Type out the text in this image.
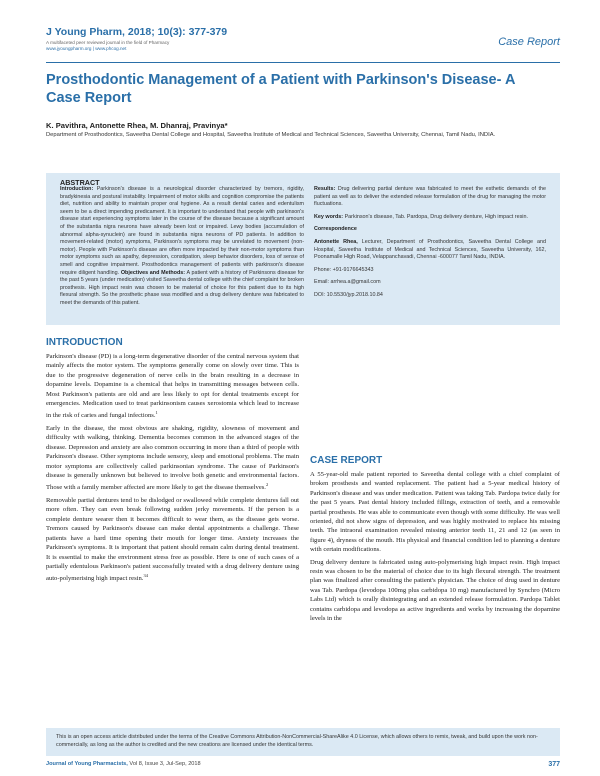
J Young Pharm, 2018; 10(3): 377-379
A multifaceted peer reviewed journal in the field of Pharmacy
www.jyoungpharm.org | www.phcog.net
Case Report
Prosthodontic Management of a Patient with Parkinson's Disease- A Case Report
K. Pavithra, Antonette Rhea, M. Dhanraj, Pravinya*
Department of Prosthodontics, Saveetha Dental College and Hospital, Saveetha Institute of Medical and Technical Sciences, Saveetha University, Chennai, Tamil Nadu, INDIA.
ABSTRACT
Introduction: Parkinson's disease is a neurological disorder characterized by tremors, rigidity, bradykinesia and postural instability. Impairment of motor skills and cognition compromise the patients diet, nutrition and ability to maintain proper oral hygiene. As a result dental caries and edentulism seem to be a direct impending predicament. It is important to understand that people with parkinson's disease start experiencing symptoms later in the course of the disease because a significant amount of the substantia nigra neurons have already been lost or impaired. Lewy bodies (accumulation of abnormal alpha-synuclein) are found in substantia nigra neurons of PD patients. In addition to movement-related (motor) symptoms, Parkinson's symptoms may be unrelated to movement (non-motor). People with Parkinson's disease are often more impacted by their non-motor symptoms than motor symptoms such as apathy, depression, constipation, sleep behavior disorders, loss of sense of smell and cognitive impairment. Prosthodontics management of patients with parkinson's disease require diligent handling. Objectives and Methods: A patient with a history of Parkinsons disease for the past 5 years (under medication) visited Saveetha dental college with the chief complaint for broken prosthesis. High impact resin was chosen to be material of choice for this patient due to its high flexural strength. So the prosthetic phase was modified and a drug delivery denture was fabricated to meet the demands of this patient.

Results: Drug delivering partial denture was fabricated to meet the esthetic demands of the patient as well as to deliver the extended release formulation of the drug for managing the motor fluctuations.

Key words: Parkinson's disease, Tab. Pardopa, Drug delivery denture, High impact resin.

Correspondence

Antonette Rhea, Lecturer, Department of Prosthodontics, Saveetha Dental College and Hospital, Saveetha Institute of Medical and Technical Sciences, Saveetha University, 162, Poonamalle High Road, Velappanchavadi, Chennai -600077 Tamil Nadu, INDIA.

Phone: +91-9176645343

Email: arrhea.a@gmail.com

DOI: 10.5530/jyp.2018.10.84

INTRODUCTION

Parkinson's disease (PD) is a long-term degenerative disorder of the central nervous system that mainly affects the motor system. The symptoms generally come on slowly over time. This is due to the progressive degeneration of nerve cells in the brain resulting in a decrease in dopamine levels. Dopamine is a chemical that helps in transmitting messages between cells. Most Parkinson's patients are old and are less likely to opt for dental treatments except for emergencies. Medication used to treat parkinsonism causes xerostomia which lead to increase in the risk of caries and fungal infections.$^1$

Early in the disease, the most obvious are shaking, rigidity, slowness of movement and difficulty with walking, thinking. Dementia becomes common in the advanced stages of the disease. Depression and anxiety are also common occurring in more than a third of people with Parkinson's disease. Other symptoms include sensory, sleep and emotional problems. The main motor symptoms are collectively called parkinsonian syndrome. The cause of Parkinson's disease is generally unknown but believed to involve both genetic and environmental factors. Those with a family member affected are more likely to get the disease themselves.$^2$

Removable partial dentures tend to be dislodged or swallowed while complete dentures fall out more often. They can even break following sudden jerky movements. If the person is a complete denture wearer then it becomes difficult to wear them, as the disease gets worse. Tremors caused by Parkinson's disease can make dental appointments a challenge. These patients have a hard time opening their mouth for longer time. Anxiety increases the Parkinson's symptoms. It is important that patient should remain calm during dental treatment. It is essential to make the environment stress free as possible. Here is one of such cases of a partially edentulous Parkinson's patient successfully treated with a drug delivery denture using auto-polymerising high impact resin.$^{34}$

CASE REPORT

A 55-year-old male patient reported to Saveetha dental college with a chief complaint of broken prosthesis and wanted replacement. The patient had a 5-year medical history of Parkinson's disease and was under medication. Patient was taking Tab. Pardopa twice daily for the past 5 years. Past dental history included fillings, extraction of teeth, and a removable partial prosthesis. He was able to communicate even though with some difficulty. He was well oriented, did not show signs of depression, and was highly motivated to replace his missing teeth. The intraoral examination revealed missing anterior teeth 11, 21 and 12 (as seen in figure 4), dryness of the mouth. His physical and financial condition led to planning a denture with certain modifications.

Drug delivery denture is fabricated using auto-polymerising high impact resin. High impact resin was chosen to be the material of choice due to its high flexural strength. The treatment plan was finalized after consulting the patient's physician. The choice of drug used in denture was Tab. Pardopa (levodopa 100mg plus carbidopa 10 mg) manufactured by Synchro (Micro Labs Ltd) which is orally disintegrating and an extended release formulation. Pardopa Tablet contains carbidopa and levodopa as active ingredients and works by increasing the dopamine levels in the

This is an open access article distributed under the terms of the Creative Commons Attribution-NonCommercial-ShareAlike 4.0 License, which allows others to remix, tweak, and build upon the work non-commercially, as long as the author is credited and the new creations are licensed under the identical terms.
Journal of Young Pharmacists, Vol 8, Issue 3, Jul-Sep, 2018	377
